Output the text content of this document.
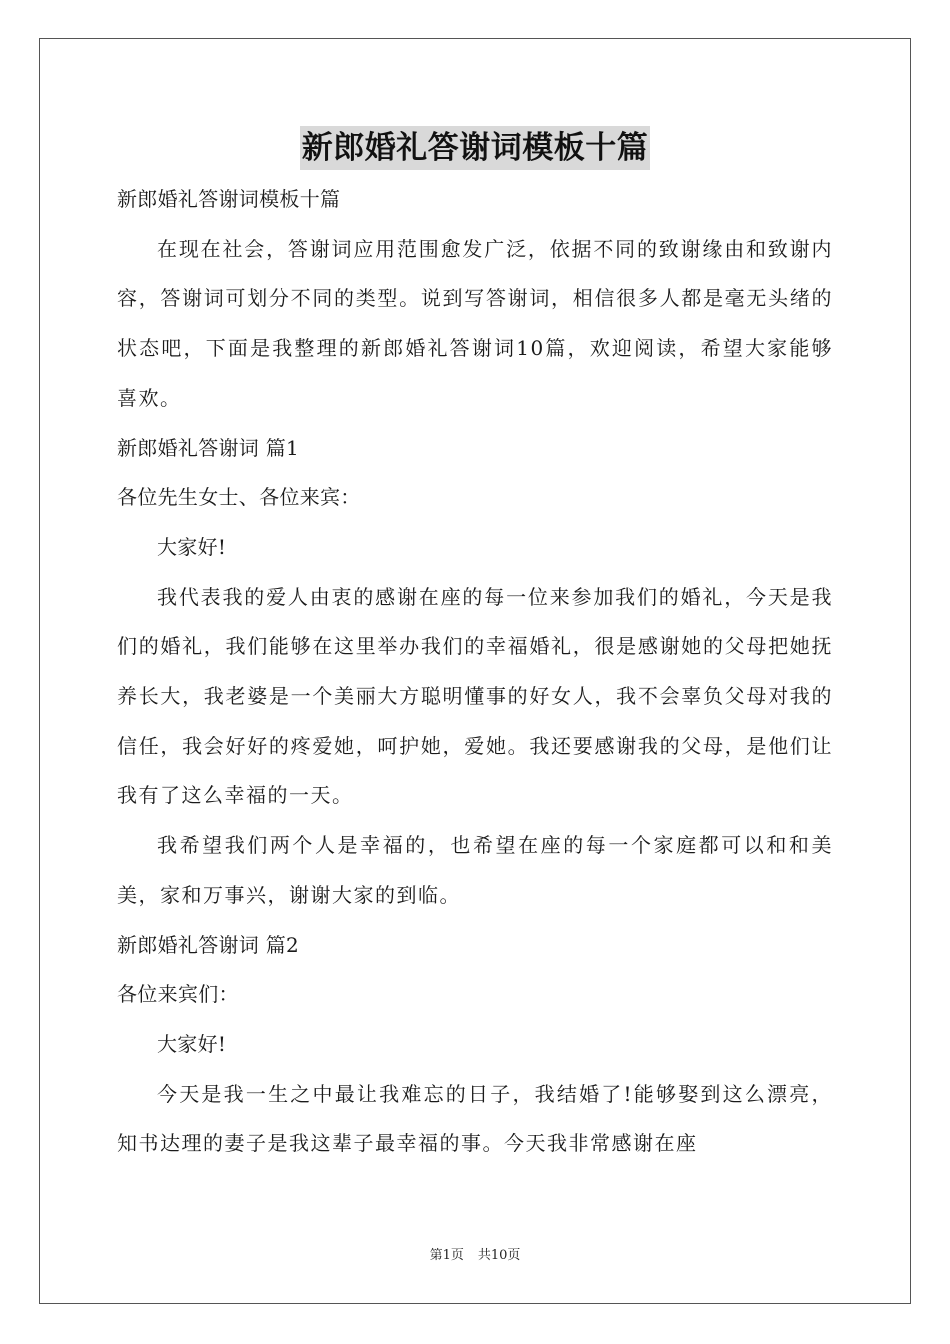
新郎婚礼答谢词模板十篇
新郎婚礼答谢词模板十篇

在现在社会，答谢词应用范围愈发广泛，依据不同的致谢缘由和致谢内容，答谢词可划分不同的类型。说到写答谢词，相信很多人都是毫无头绪的状态吧，下面是我整理的新郎婚礼答谢词10篇，欢迎阅读，希望大家能够喜欢。

新郎婚礼答谢词 篇1
各位先生女士、各位来宾：
大家好!

我代表我的爱人由衷的感谢在座的每一位来参加我们的婚礼，今天是我们的婚礼，我们能够在这里举办我们的幸福婚礼，很是感谢她的父母把她抚养长大，我老婆是一个美丽大方聪明懂事的好女人，我不会辜负父母对我的信任，我会好好的疼爱她，呵护她，爱她。我还要感谢我的父母，是他们让我有了这么幸福的一天。

我希望我们两个人是幸福的，也希望在座的每一个家庭都可以和和美美，家和万事兴，谢谢大家的到临。

新郎婚礼答谢词 篇2
各位来宾们：
大家好!

今天是我一生之中最让我难忘的日子，我结婚了!能够娶到这么漂亮，知书达理的妻子是我这辈子最幸福的事。今天我非常感谢在座

第1页 共10页
